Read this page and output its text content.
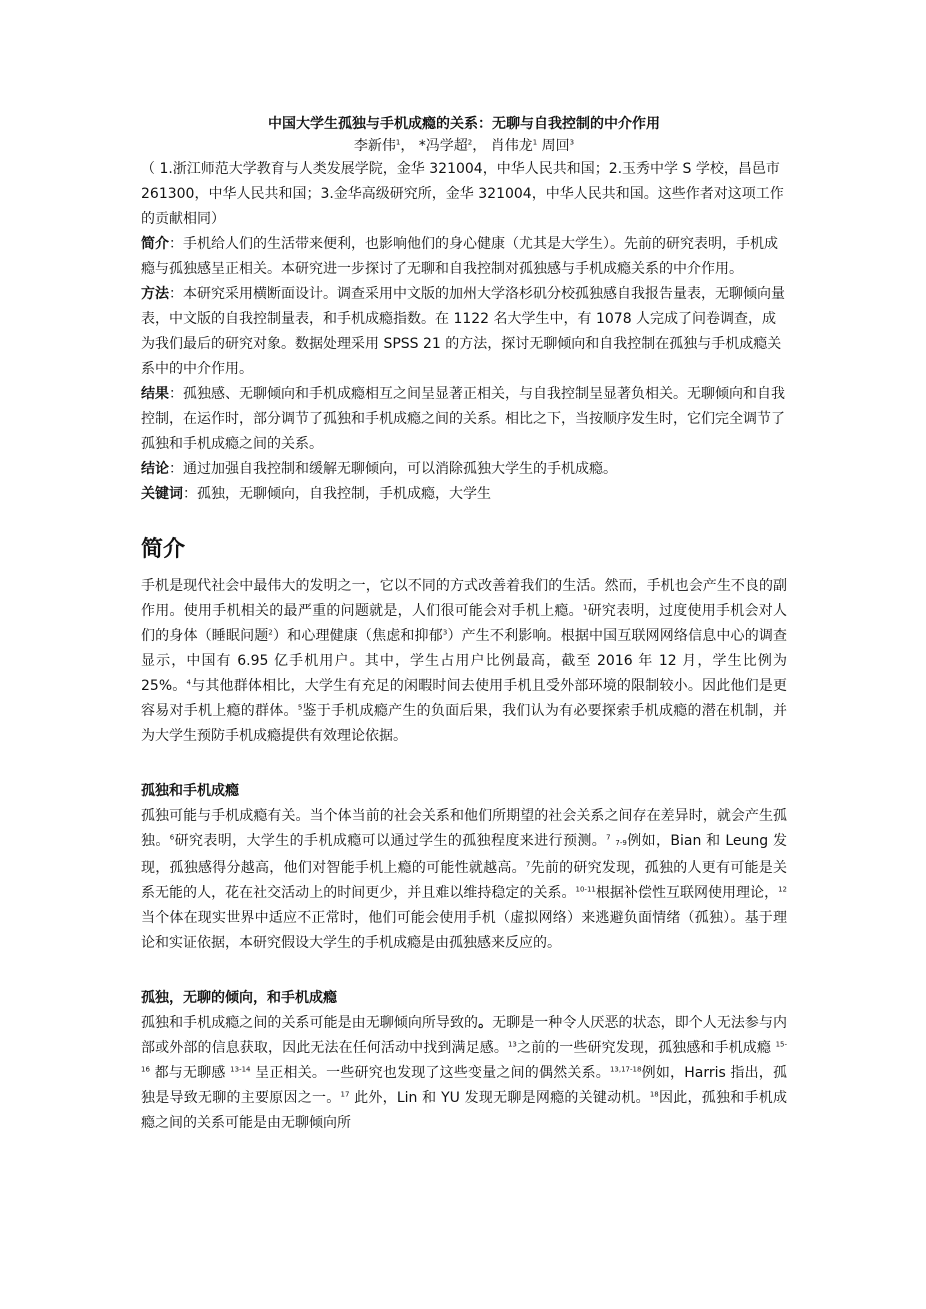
中国大学生孤独与手机成瘾的关系：无聊与自我控制的中介作用

李新伟$^1$， *冯学超$^2$， 肖伟龙$^1$ 周回$^3$

（ 1.浙江师范大学教育与人类发展学院，金华 321004，中华人民共和国；2.玉秀中学 S 学校，昌邑市 261300，中华人民共和国；3.金华高级研究所，金华 321004，中华人民共和国。这些作者对这项工作的贡献相同）

简介：手机给人们的生活带来便利，也影响他们的身心健康（尤其是大学生）。先前的研究表明，手机成瘾与孤独感呈正相关。本研究进一步探讨了无聊和自我控制对孤独感与手机成瘾关系的中介作用。

方法：本研究采用横断面设计。调查采用中文版的加州大学洛杉矶分校孤独感自我报告量表，无聊倾向量表，中文版的自我控制量表，和手机成瘾指数。在 1122 名大学生中，有 1078 人完成了问卷调查，成为我们最后的研究对象。数据处理采用 SPSS 21 的方法，探讨无聊倾向和自我控制在孤独与手机成瘾关系中的中介作用。

结果：孤独感、无聊倾向和手机成瘾相互之间呈显著正相关，与自我控制呈显著负相关。无聊倾向和自我控制，在运作时，部分调节了孤独和手机成瘾之间的关系。相比之下，当按顺序发生时，它们完全调节了孤独和手机成瘾之间的关系。

结论：通过加强自我控制和缓解无聊倾向，可以消除孤独大学生的手机成瘾。

关键词：孤独，无聊倾向，自我控制，手机成瘾，大学生

简介

手机是现代社会中最伟大的发明之一，它以不同的方式改善着我们的生活。然而，手机也会产生不良的副作用。使用手机相关的最严重的问题就是，人们很可能会对手机上瘾。$^1$研究表明，过度使用手机会对人们的身体（睡眠问题$^2$）和心理健康（焦虑和抑郁$^3$）产生不利影响。根据中国互联网网络信息中心的调查显示，中国有 6.95 亿手机用户。其中，学生占用户比例最高，截至 2016 年 12 月，学生比例为 25%。$^4$与其他群体相比，大学生有充足的闲暇时间去使用手机且受外部环境的限制较小。因此他们是更容易对手机上瘾的群体。$^5$鉴于手机成瘾产生的负面后果，我们认为有必要探索手机成瘾的潜在机制，并为大学生预防手机成瘾提供有效理论依据。

孤独和手机成瘾

孤独可能与手机成瘾有关。当个体当前的社会关系和他们所期望的社会关系之间存在差异时，就会产生孤独。$^6$研究表明，大学生的手机成瘾可以通过学生的孤独程度来进行预测。$^7$ 7-9例如，Bian 和 Leung 发现，孤独感得分越高，他们对智能手机上瘾的可能性就越高。$^7$先前的研究发现，孤独的人更有可能是关系无能的人，花在社交活动上的时间更少，并且难以维持稳定的关系。$^{10-11}$根据补偿性互联网使用理论，$^{12}$当个体在现实世界中适应不正常时，他们可能会使用手机（虚拟网络）来逃避负面情绪（孤独）。基于理论和实证依据，本研究假设大学生的手机成瘾是由孤独感来反应的。

孤独，无聊的倾向，和手机成瘾

孤独和手机成瘾之间的关系可能是由无聊倾向所导致的。无聊是一种令人厌恶的状态，即个人无法参与内部或外部的信息获取，因此无法在任何活动中找到满足感。$^{13}$之前的一些研究发现，孤独感和手机成瘾 $^{15-16}$ 都与无聊感 $^{13-14}$ 呈正相关。一些研究也发现了这些变量之间的偶然关系。$^{13,17-18}$例如，Harris 指出，孤独是导致无聊的主要原因之一。$^{17}$ 此外，Lin 和 YU 发现无聊是网瘾的关键动机。$^{18}$因此，孤独和手机成瘾之间的关系可能是由无聊倾向所
